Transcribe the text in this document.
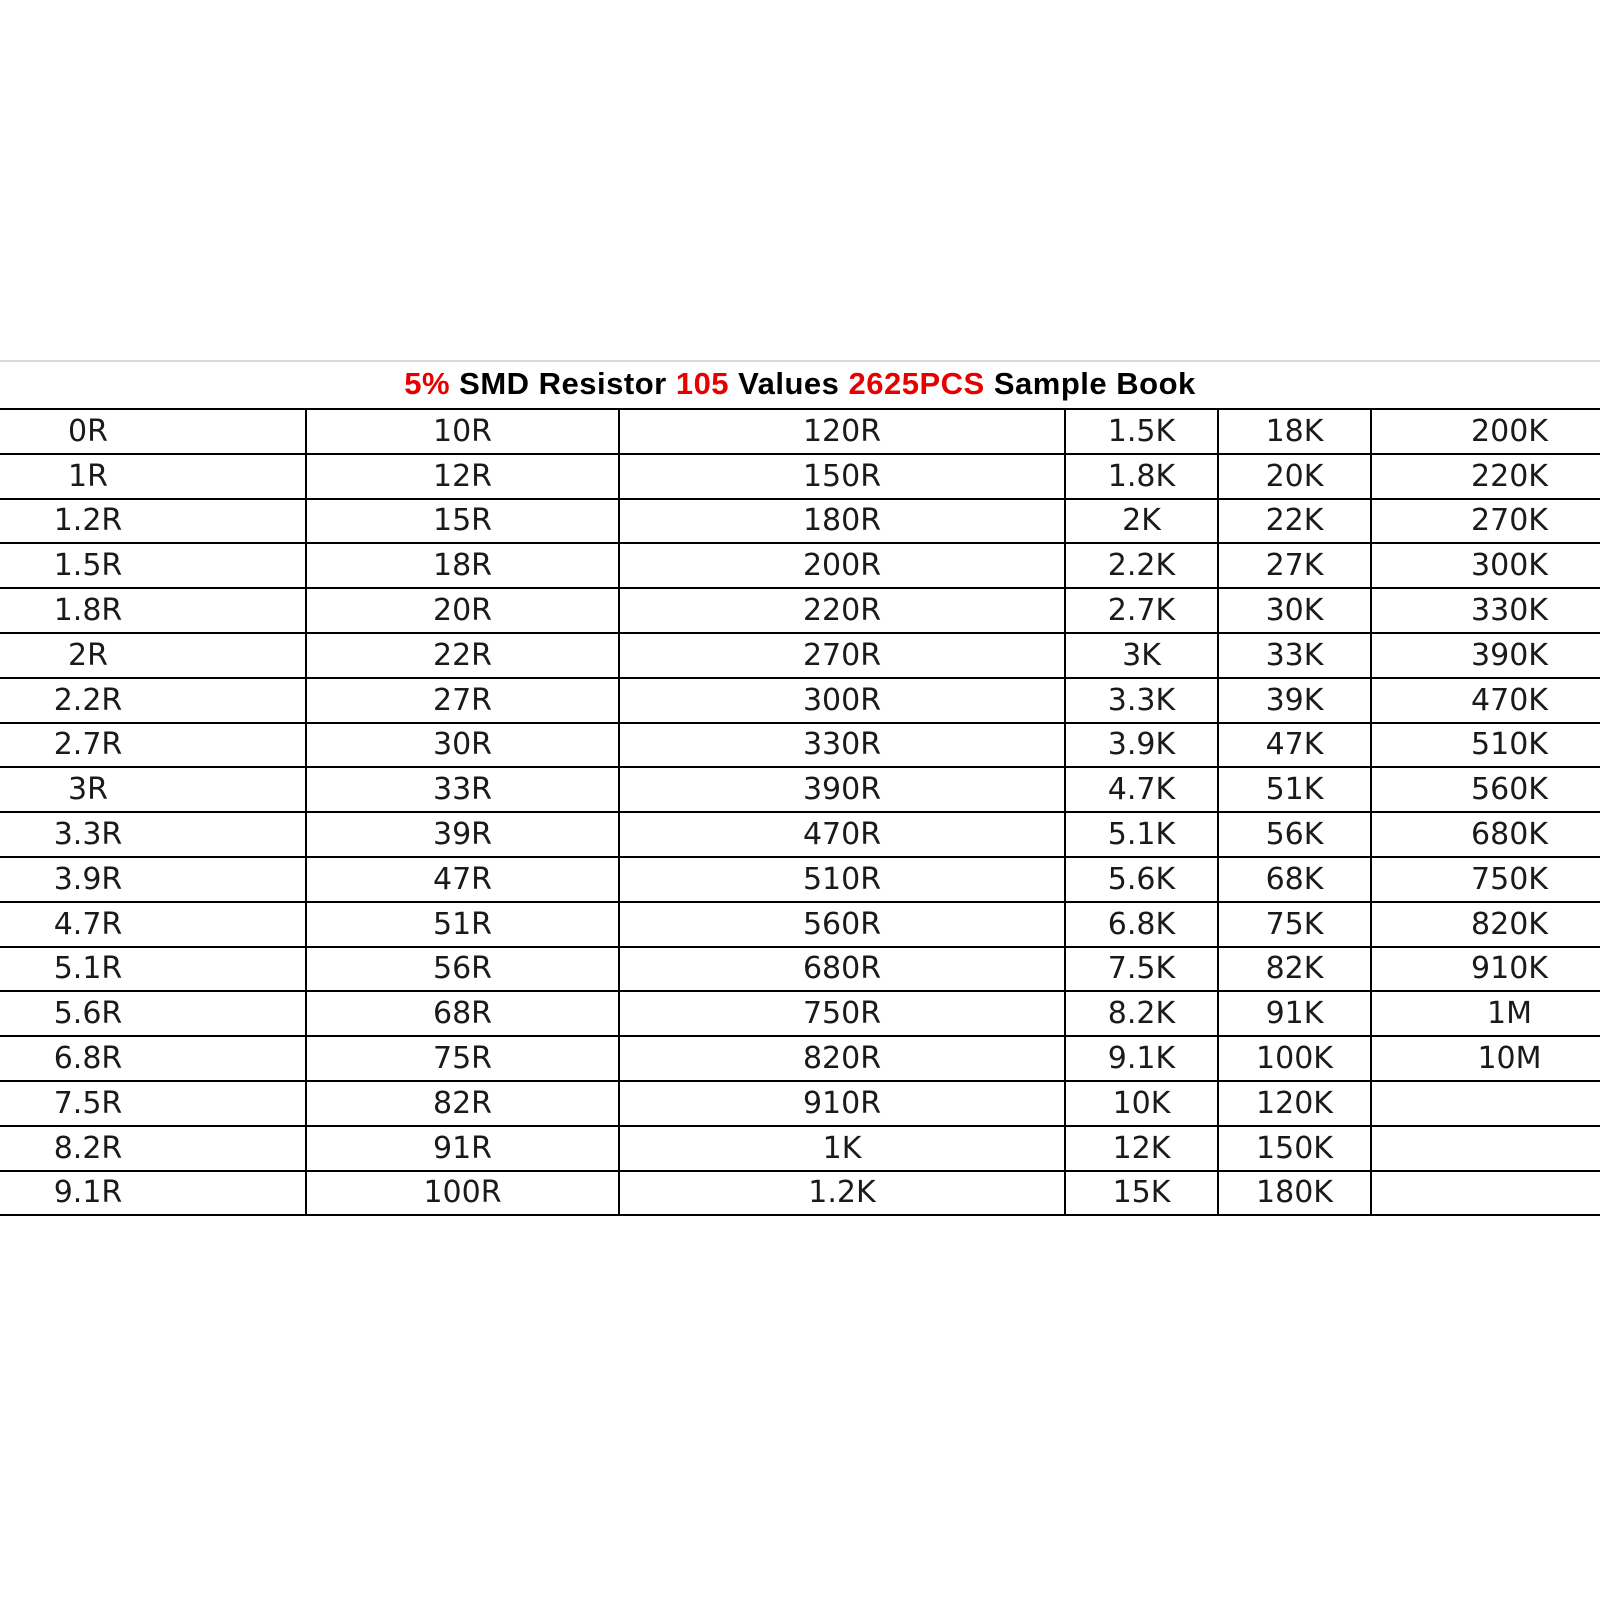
5% SMD Resistor 105 Values 2625PCS Sample Book
0R	10R	120R	1.5K	18K	200K
1R	12R	150R	1.8K	20K	220K
1.2R	15R	180R	2K	22K	270K
1.5R	18R	200R	2.2K	27K	300K
1.8R	20R	220R	2.7K	30K	330K
2R	22R	270R	3K	33K	390K
2.2R	27R	300R	3.3K	39K	470K
2.7R	30R	330R	3.9K	47K	510K
3R	33R	390R	4.7K	51K	560K
3.3R	39R	470R	5.1K	56K	680K
3.9R	47R	510R	5.6K	68K	750K
4.7R	51R	560R	6.8K	75K	820K
5.1R	56R	680R	7.5K	82K	910K
5.6R	68R	750R	8.2K	91K	1M
6.8R	75R	820R	9.1K	100K	10M
7.5R	82R	910R	10K	120K	
8.2R	91R	1K	12K	150K	
9.1R	100R	1.2K	15K	180K	
